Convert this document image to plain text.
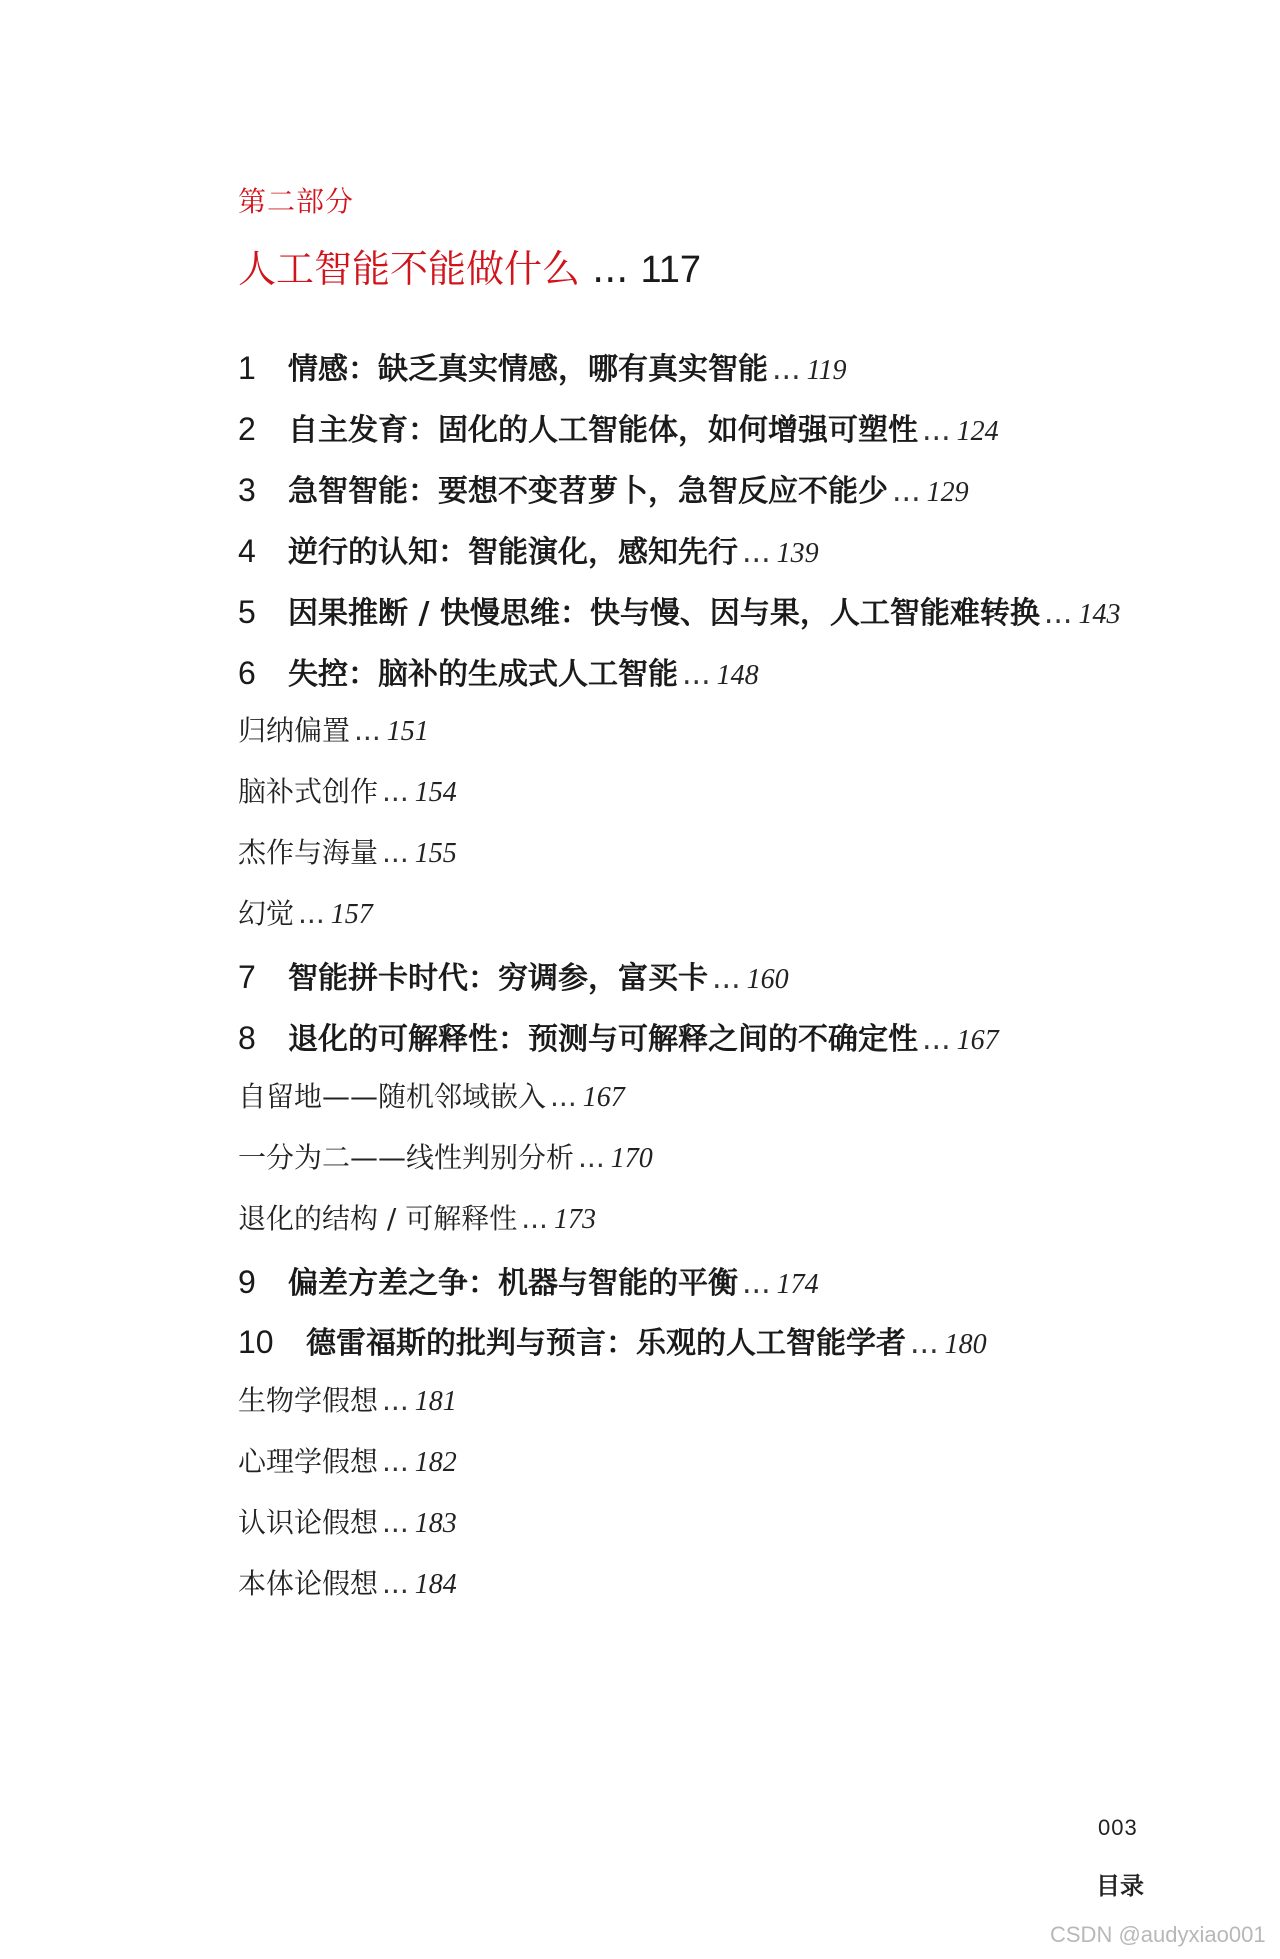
第二部分
人工智能不能做什么 ... 117
1 情感：缺乏真实情感，哪有真实智能 ... 119
2 自主发育：固化的人工智能体，如何增强可塑性 ... 124
3 急智智能：要想不变苕萝卜，急智反应不能少 ... 129
4 逆行的认知：智能演化，感知先行 ... 139
5 因果推断 / 快慢思维：快与慢、因与果，人工智能难转换 ... 143
6 失控：脑补的生成式人工智能 ... 148
归纳偏置 ... 151
脑补式创作 ... 154
杰作与海量 ... 155
幻觉 ... 157
7 智能拼卡时代：穷调参，富买卡 ... 160
8 退化的可解释性：预测与可解释之间的不确定性 ... 167
自留地——随机邻域嵌入 ... 167
一分为二——线性判别分析 ... 170
退化的结构 / 可解释性 ... 173
9 偏差方差之争：机器与智能的平衡 ... 174
10 德雷福斯的批判与预言：乐观的人工智能学者 ... 180
生物学假想 ... 181
心理学假想 ... 182
认识论假想 ... 183
本体论假想 ... 184
003
目录
CSDN @audyxiao001
